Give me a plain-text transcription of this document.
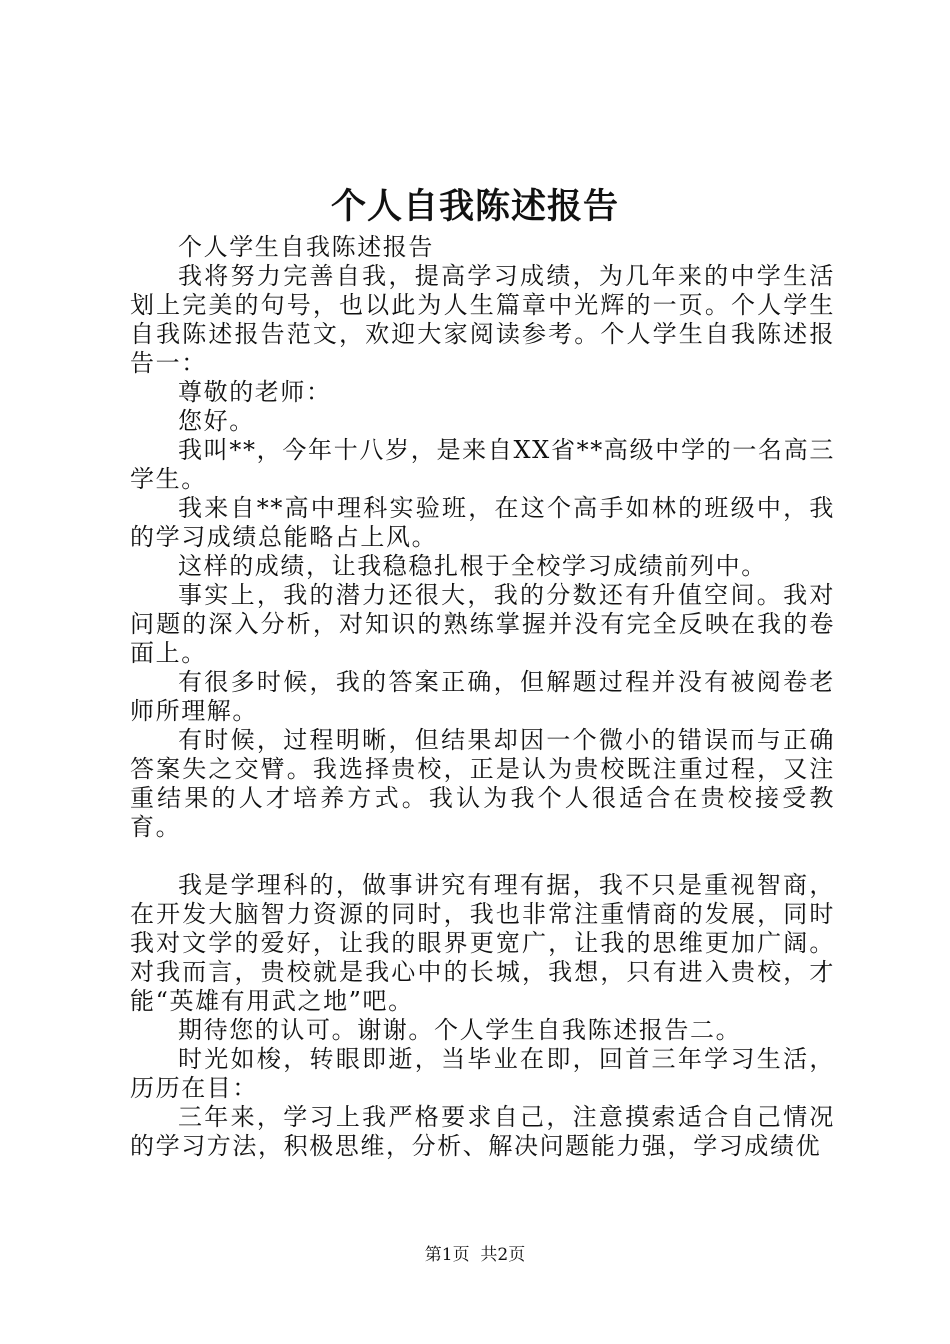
个人自我陈述报告

个人学生自我陈述报告

我将努力完善自我，提高学习成绩，为几年来的中学生活划上完美的句号，也以此为人生篇章中光辉的一页。个人学生自我陈述报告范文，欢迎大家阅读参考。个人学生自我陈述报告一：

尊敬的老师：

您好。

我叫**，今年十八岁，是来自XX省**高级中学的一名高三学生。

我来自**高中理科实验班，在这个高手如林的班级中，我的学习成绩总能略占上风。

这样的成绩，让我稳稳扎根于全校学习成绩前列中。

事实上，我的潜力还很大，我的分数还有升值空间。我对问题的深入分析，对知识的熟练掌握并没有完全反映在我的卷面上。

有很多时候，我的答案正确，但解题过程并没有被阅卷老师所理解。

有时候，过程明晰，但结果却因一个微小的错误而与正确答案失之交臂。我选择贵校，正是认为贵校既注重过程，又注重结果的人才培养方式。我认为我个人很适合在贵校接受教育。

我是学理科的，做事讲究有理有据，我不只是重视智商，在开发大脑智力资源的同时，我也非常注重情商的发展，同时我对文学的爱好，让我的眼界更宽广，让我的思维更加广阔。对我而言，贵校就是我心中的长城，我想，只有进入贵校，才能“英雄有用武之地”吧。

期待您的认可。谢谢。个人学生自我陈述报告二。

时光如梭，转眼即逝，当毕业在即，回首三年学习生活，历历在目：

三年来，学习上我严格要求自己，注意摸索适合自己情况的学习方法，积极思维，分析、解决问题能力强，学习成绩优

第1页  共2页
